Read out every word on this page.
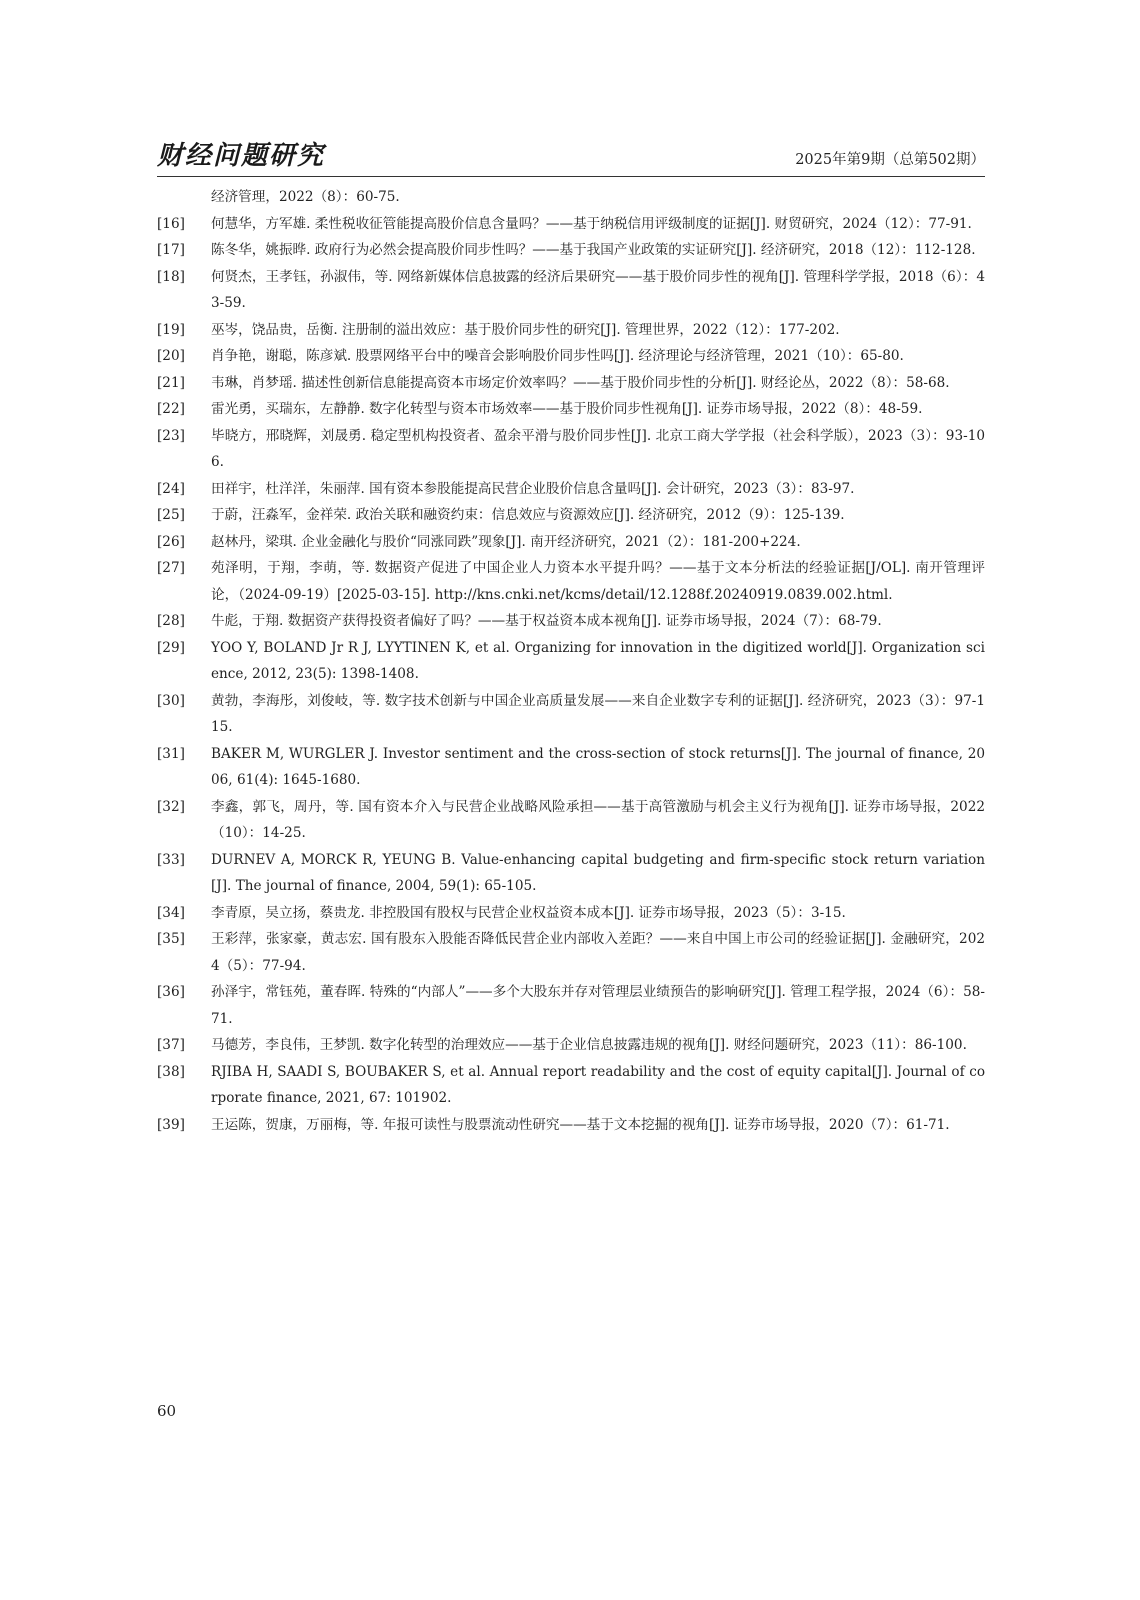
财经问题研究	2025年第9期（总第502期）
经济管理，2022（8）：60-75.
[16]	何慧华，方军雄. 柔性税收征管能提高股价信息含量吗？——基于纳税信用评级制度的证据[J]. 财贸研究，2024（12）：77-91.
[17]	陈冬华，姚振晔. 政府行为必然会提高股价同步性吗？——基于我国产业政策的实证研究[J]. 经济研究，2018（12）：112-128.
[18]	何贤杰，王孝钰，孙淑伟，等. 网络新媒体信息披露的经济后果研究——基于股价同步性的视角[J]. 管理科学学报，2018（6）：43-59.
[19]	巫岑，饶品贵，岳衡. 注册制的溢出效应：基于股价同步性的研究[J]. 管理世界，2022（12）：177-202.
[20]	肖争艳，谢聪，陈彦斌. 股票网络平台中的噪音会影响股价同步性吗[J]. 经济理论与经济管理，2021（10）：65-80.
[21]	韦琳，肖梦瑶. 描述性创新信息能提高资本市场定价效率吗？——基于股价同步性的分析[J]. 财经论丛，2022（8）：58-68.
[22]	雷光勇，买瑞东，左静静. 数字化转型与资本市场效率——基于股价同步性视角[J]. 证券市场导报，2022（8）：48-59.
[23]	毕晓方，邢晓辉，刘晟勇. 稳定型机构投资者、盈余平滑与股价同步性[J]. 北京工商大学学报（社会科学版），2023（3）：93-106.
[24]	田祥宇，杜洋洋，朱丽萍. 国有资本参股能提高民营企业股价信息含量吗[J]. 会计研究，2023（3）：83-97.
[25]	于蔚，汪淼军，金祥荣. 政治关联和融资约束：信息效应与资源效应[J]. 经济研究，2012（9）：125-139.
[26]	赵林丹，梁琪. 企业金融化与股价“同涨同跌”现象[J]. 南开经济研究，2021（2）：181-200+224.
[27]	苑泽明，于翔，李萌，等. 数据资产促进了中国企业人力资本水平提升吗？——基于文本分析法的经验证据[J/OL]. 南开管理评论，（2024-09-19）[2025-03-15]. http://kns.cnki.net/kcms/detail/12.1288f.20240919.0839.002.html.
[28]	牛彪，于翔. 数据资产获得投资者偏好了吗？——基于权益资本成本视角[J]. 证券市场导报，2024（7）：68-79.
[29]	YOO Y, BOLAND Jr R J, LYYTINEN K, et al. Organizing for innovation in the digitized world[J]. Organization science, 2012, 23(5): 1398-1408.
[30]	黄勃，李海彤，刘俊岐，等. 数字技术创新与中国企业高质量发展——来自企业数字专利的证据[J]. 经济研究，2023（3）：97-115.
[31]	BAKER M, WURGLER J. Investor sentiment and the cross-section of stock returns[J]. The journal of finance, 2006, 61(4): 1645-1680.
[32]	李鑫，郭飞，周丹，等. 国有资本介入与民营企业战略风险承担——基于高管激励与机会主义行为视角[J]. 证券市场导报，2022（10）：14-25.
[33]	DURNEV A, MORCK R, YEUNG B. Value-enhancing capital budgeting and firm-specific stock return variation[J]. The journal of finance, 2004, 59(1): 65-105.
[34]	李青原，吴立扬，蔡贵龙. 非控股国有股权与民营企业权益资本成本[J]. 证券市场导报，2023（5）：3-15.
[35]	王彩萍，张家豪，黄志宏. 国有股东入股能否降低民营企业内部收入差距？——来自中国上市公司的经验证据[J]. 金融研究，2024（5）：77-94.
[36]	孙泽宇，常钰苑，董春晖. 特殊的“内部人”——多个大股东并存对管理层业绩预告的影响研究[J]. 管理工程学报，2024（6）：58-71.
[37]	马德芳，李良伟，王梦凯. 数字化转型的治理效应——基于企业信息披露违规的视角[J]. 财经问题研究，2023（11）：86-100.
[38]	RJIBA H, SAADI S, BOUBAKER S, et al. Annual report readability and the cost of equity capital[J]. Journal of corporate finance, 2021, 67: 101902.
[39]	王运陈，贺康，万丽梅，等. 年报可读性与股票流动性研究——基于文本挖掘的视角[J]. 证券市场导报，2020（7）：61-71.
60
